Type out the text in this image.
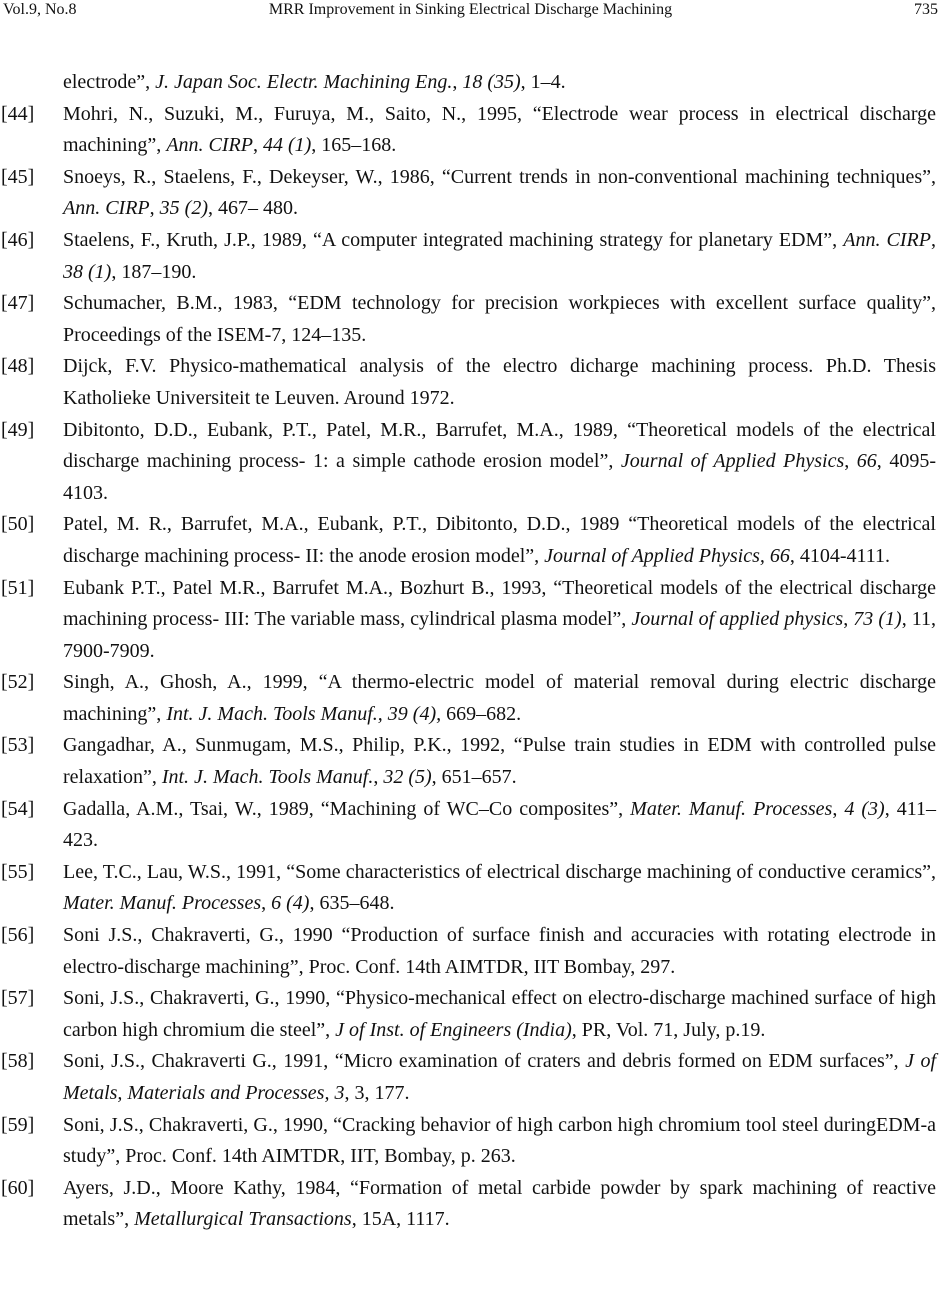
Vol.9, No.8	MRR Improvement in Sinking Electrical Discharge Machining	735
electrode”, J. Japan Soc. Electr. Machining Eng., 18 (35), 1–4.
[44] Mohri, N., Suzuki, M., Furuya, M., Saito, N., 1995, “Electrode wear process in electrical discharge machining”, Ann. CIRP, 44 (1), 165–168.
[45] Snoeys, R., Staelens, F., Dekeyser, W., 1986, “Current trends in non-conventional machining techniques”, Ann. CIRP, 35 (2), 467– 480.
[46] Staelens, F., Kruth, J.P., 1989, “A computer integrated machining strategy for planetary EDM”, Ann. CIRP, 38 (1), 187–190.
[47] Schumacher, B.M., 1983, “EDM technology for precision workpieces with excellent surface quality”, Proceedings of the ISEM-7, 124–135.
[48] Dijck, F.V. Physico-mathematical analysis of the electro dicharge machining process. Ph.D. Thesis Katholieke Universiteit te Leuven. Around 1972.
[49] Dibitonto, D.D., Eubank, P.T., Patel, M.R., Barrufet, M.A., 1989, “Theoretical models of the electrical discharge machining process- 1: a simple cathode erosion model”, Journal of Applied Physics, 66, 4095- 4103.
[50] Patel, M. R., Barrufet, M.A., Eubank, P.T., Dibitonto, D.D., 1989 “Theoretical models of the electrical discharge machining process- II: the anode erosion model”, Journal of Applied Physics, 66, 4104-4111.
[51] Eubank P.T., Patel M.R., Barrufet M.A., Bozhurt B., 1993, “Theoretical models of the electrical discharge machining process- III: The variable mass, cylindrical plasma model”, Journal of applied physics, 73 (1), 11, 7900-7909.
[52] Singh, A., Ghosh, A., 1999, “A thermo-electric model of material removal during electric discharge machining”, Int. J. Mach. Tools Manuf., 39 (4), 669–682.
[53] Gangadhar, A., Sunmugam, M.S., Philip, P.K., 1992, “Pulse train studies in EDM with controlled pulse relaxation”, Int. J. Mach. Tools Manuf., 32 (5), 651–657.
[54] Gadalla, A.M., Tsai, W., 1989, “Machining of WC–Co composites”, Mater. Manuf. Processes, 4 (3), 411– 423.
[55] Lee, T.C., Lau, W.S., 1991, “Some characteristics of electrical discharge machining of conductive ceramics”, Mater. Manuf. Processes, 6 (4), 635–648.
[56] Soni J.S., Chakraverti, G., 1990 “Production of surface finish and accuracies with rotating electrode in electro-discharge machining”, Proc. Conf. 14th AIMTDR, IIT Bombay, 297.
[57] Soni, J.S., Chakraverti, G., 1990, “Physico-mechanical effect on electro-discharge machined surface of high carbon high chromium die steel”, J of Inst. of Engineers (India), PR, Vol. 71, July, p.19.
[58] Soni, J.S., Chakraverti G., 1991, “Micro examination of craters and debris formed on EDM surfaces”, J of Metals, Materials and Processes, 3, 3, 177.
[59] Soni, J.S., Chakraverti, G., 1990, “Cracking behavior of high carbon high chromium tool steel duringEDM-a study”, Proc. Conf. 14th AIMTDR, IIT, Bombay, p. 263.
[60] Ayers, J.D., Moore Kathy, 1984, “Formation of metal carbide powder by spark machining of reactive metals”, Metallurgical Transactions, 15A, 1117.
